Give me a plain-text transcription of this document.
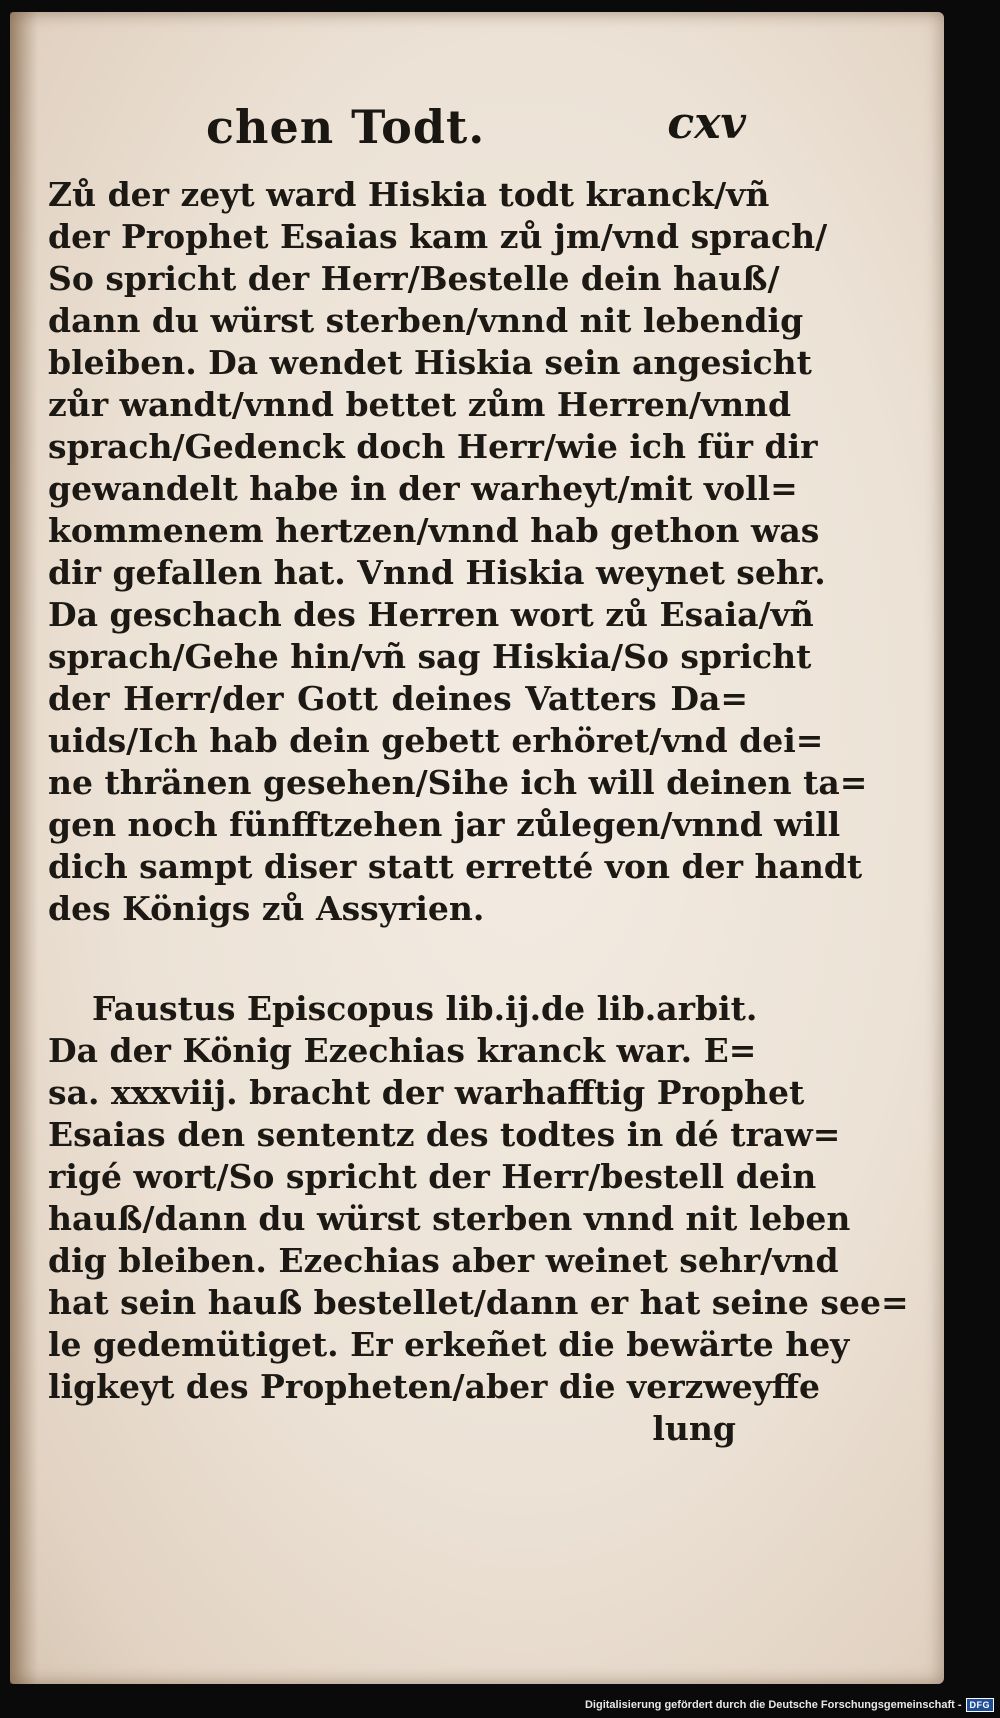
chen Todt.	cxv
Zů der zeyt ward Hiskia todt kranck/vñ
der Prophet Esaias kam zů jm/vnd sprach/
So spricht der Herr/Bestelle dein hauß/
dann du würst sterben/vnnd nit lebendig
bleiben. Da wendet Hiskia sein angesicht
zůr wandt/vnnd bettet zům Herren/vnnd
sprach/Gedenck doch Herr/wie ich für dir
gewandelt habe in der warheyt/mit voll=
kommenem hertzen/vnnd hab gethon was
dir gefallen hat. Vnnd Hiskia weynet sehr.
Da geschach des Herren wort zů Esaia/vñ
sprach/Gehe hin/vñ sag Hiskia/So spricht
der Herr/der Gott deines Vatters Da=
uids/Ich hab dein gebett erhöret/vnd dei=
ne thränen gesehen/Sihe ich will deinen ta=
gen noch fünfftzehen jar zůlegen/vnnd will
dich sampt diser statt erretté von der handt
des Königs zů Assyrien.
Faustus Episcopus lib.ij.de lib.arbit.
Da der König Ezechias kranck war. E=
sa. xxxviij. bracht der warhafftig Prophet
Esaias den sententz des todtes in dé traw=
rigé wort/So spricht der Herr/bestell dein
hauß/dann du würst sterben vnnd nit leben
dig bleiben. Ezechias aber weinet sehr/vnd
hat sein hauß bestellet/dann er hat seine see=
le gedemütiget. Er erkeñet die bewärte hey
ligkeyt des Propheten/aber die verzweyffe
lung
Digitalisierung gefördert durch die Deutsche Forschungsgemeinschaft - DFG
